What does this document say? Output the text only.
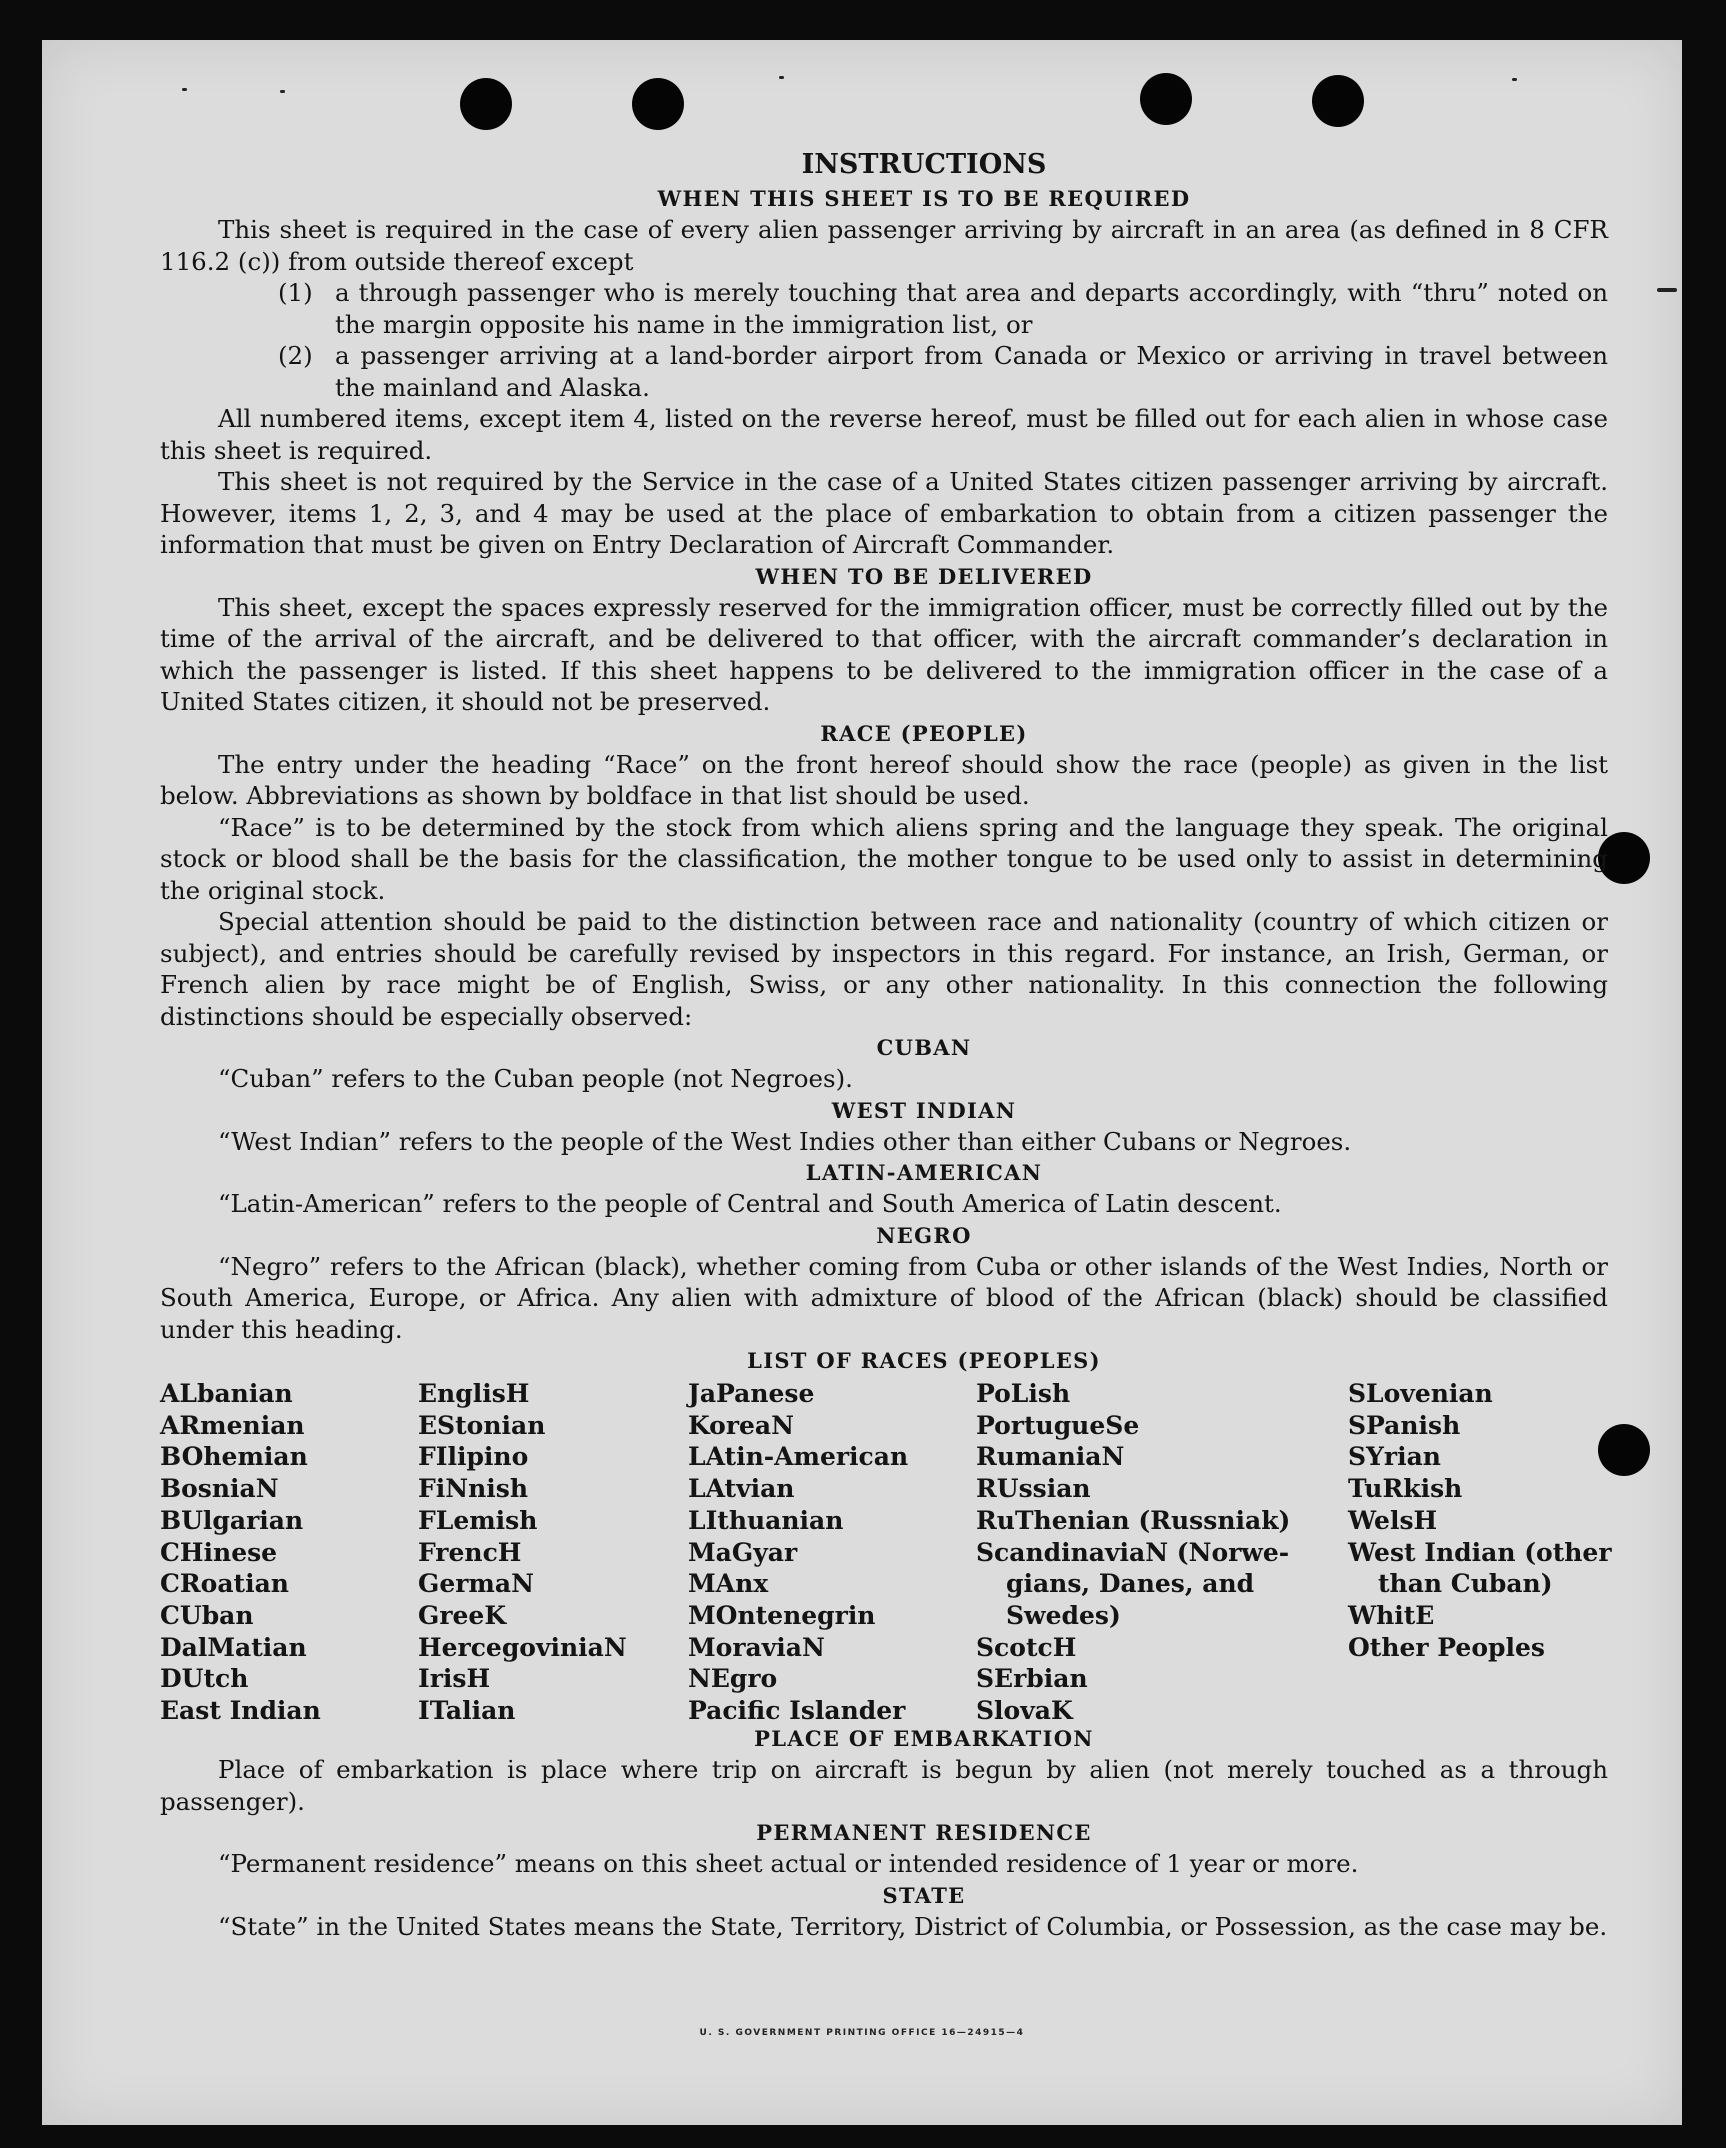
U. S. GOVERNMENT PRINTING OFFICE 16—24915—4
INSTRUCTIONS
WHEN THIS SHEET IS TO BE REQUIRED
This sheet is required in the case of every alien passenger arriving by aircraft in an area (as defined in 8 CFR 116.2 (c)) from outside thereof except
(1) a through passenger who is merely touching that area and departs accordingly, with “thru” noted on the margin opposite his name in the immigration list, or
(2) a passenger arriving at a land-border airport from Canada or Mexico or arriving in travel between the mainland and Alaska.
All numbered items, except item 4, listed on the reverse hereof, must be filled out for each alien in whose case this sheet is required.
This sheet is not required by the Service in the case of a United States citizen passenger arriving by aircraft. However, items 1, 2, 3, and 4 may be used at the place of embarkation to obtain from a citizen passenger the information that must be given on Entry Declaration of Aircraft Commander.
WHEN TO BE DELIVERED
This sheet, except the spaces expressly reserved for the immigration officer, must be correctly filled out by the time of the arrival of the aircraft, and be delivered to that officer, with the aircraft commander’s declaration in which the passenger is listed. If this sheet happens to be delivered to the immigration officer in the case of a United States citizen, it should not be preserved.
RACE (PEOPLE)
The entry under the heading “Race” on the front hereof should show the race (people) as given in the list below. Abbreviations as shown by boldface in that list should be used.
“Race” is to be determined by the stock from which aliens spring and the language they speak. The original stock or blood shall be the basis for the classification, the mother tongue to be used only to assist in determining the original stock.
Special attention should be paid to the distinction between race and nationality (country of which citizen or subject), and entries should be carefully revised by inspectors in this regard. For instance, an Irish, German, or French alien by race might be of English, Swiss, or any other nationality. In this connection the following distinctions should be especially observed:
CUBAN
“Cuban” refers to the Cuban people (not Negroes).
WEST INDIAN
“West Indian” refers to the people of the West Indies other than either Cubans or Negroes.
LATIN-AMERICAN
“Latin-American” refers to the people of Central and South America of Latin descent.
NEGRO
“Negro” refers to the African (black), whether coming from Cuba or other islands of the West Indies, North or South America, Europe, or Africa. Any alien with admixture of blood of the African (black) should be classified under this heading.
LIST OF RACES (PEOPLES)
ALbanian
ARmenian
BOhemian
BosniaN
BUlgarian
CHinese
CRoatian
CUban
DalMatian
DUtch
East Indian
EnglisH
EStonian
FIlipino
FiNnish
FLemish
FrencH
GermaN
GreeK
HercegoviniaN
IrisH
ITalian
JaPanese
KoreaN
LAtin-American
LAtvian
LIthuanian
MaGyar
MAnx
MOntenegrin
MoraviaN
NEgro
Pacific Islander
PoLish
PortugueSe
RumaniaN
RUssian
RuThenian (Russniak)
ScandinaviaN (Norwe-
gians, Danes, and
Swedes)
ScotcH
SErbian
SlovaK
SLovenian
SPanish
SYrian
TuRkish
WelsH
West Indian (other
than Cuban)
WhitE
Other Peoples
PLACE OF EMBARKATION
Place of embarkation is place where trip on aircraft is begun by alien (not merely touched as a through passenger).
PERMANENT RESIDENCE
“Permanent residence” means on this sheet actual or intended residence of 1 year or more.
STATE
“State” in the United States means the State, Territory, District of Columbia, or Possession, as the case may be.
